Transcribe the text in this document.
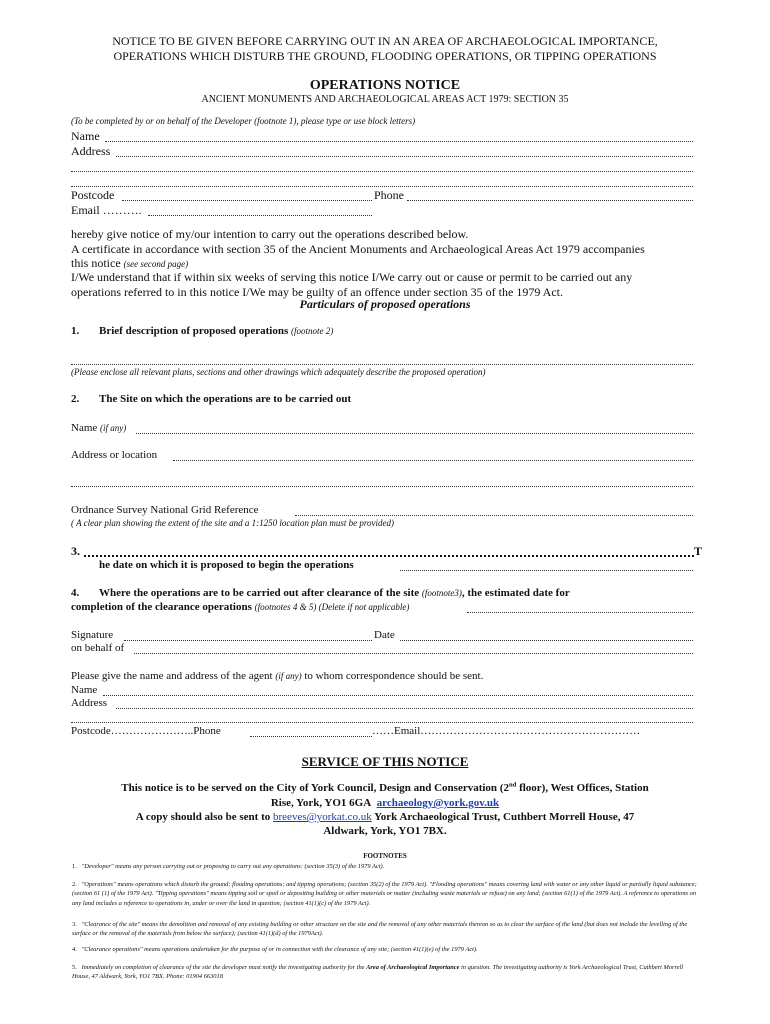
NOTICE TO BE GIVEN BEFORE CARRYING OUT IN AN AREA OF ARCHAEOLOGICAL IMPORTANCE,
OPERATIONS WHICH DISTURB THE GROUND, FLOODING OPERATIONS, OR TIPPING OPERATIONS
OPERATIONS NOTICE
ANCIENT MONUMENTS AND ARCHAEOLOGICAL AREAS ACT 1979: SECTION 35
(To be completed by or on behalf of the Developer (footnote 1), please type or use block letters)
Name
Address
Postcode	Phone
Email ……….
hereby give notice of my/our intention to carry out the operations described below.
A certificate in accordance with section 35 of the Ancient Monuments and Archaeological Areas Act 1979 accompanies
this notice (see second page)
I/We understand that if within six weeks of serving this notice I/We carry out or cause or permit to be carried out any
operations referred to in this notice I/We may be guilty of an offence under section 35 of the 1979 Act.
Particulars of proposed operations
1. Brief description of proposed operations (footnote 2)
(Please enclose all relevant plans, sections and other drawings which adequately describe the proposed operation)
2. The Site on which the operations are to be carried out
Name (if any)
Address or location
Ordnance Survey National Grid Reference
( A clear plan showing the extent of the site and a 1:1250 location plan must be provided)
3.	T
he date on which it is proposed to begin the operations
4. Where the operations are to be carried out after clearance of the site (footnote3), the estimated date for
completion of the clearance operations (footnotes 4 & 5) (Delete if not applicable)
Signature	Date
on behalf of
Please give the name and address of the agent (if any) to whom correspondence should be sent.
Name
Address
Postcode…………………..Phone	……Email……………………………………………………
SERVICE OF THIS NOTICE
This notice is to be served on the City of York Council, Design and Conservation (2nd floor), West Offices, Station
Rise, York, YO1 6GA archaeology@york.gov.uk
A copy should also be sent to breeves@yorkat.co.uk York Archaeological Trust, Cuthbert Morrell House, 47
Aldwark, York, YO1 7BX.
FOOTNOTES
1.   "Developer" means any person carrying out or proposing to carry out any operations: (section 35(3) of the 1979 Act).
2.   "Operations" means operations which disturb the ground; flooding operations; and tipping operations; (section 35(2) of the 1979 Act). "Flooding operations" means covering land with water or any other liquid or partially liquid substance; (section 61 (1) of the 1979 Act). "Tipping operations" means tipping soil or spoil or depositing building or other materials or matter (including waste materials or refuse) on any land; (section 61(1) of the 1979 Act). A reference to operations on any land includes a reference to operations in, under or over the land in question; (section 41(1)(c) of the 1979 Act).
3.   "Clearance of the site" means the demolition and removal of any existing building or other structure on the site and the removal of any other materials thereon so as to clear the surface of the land (but does not include the levelling of the surface or the removal of the materials from below the surface); (section 41(1)(d) of the 1979Act).
4.   "Clearance operations" means operations undertaken for the purpose of or in connection with the clearance of any site; (section 41(1)(e) of the 1979 Act).
5.   Immediately on completion of clearance of the site the developer must notify the investigating authority for the Area of Archaeological Importance in question. The investigating authority is York Archaeological Trust, Cuthbert Morrell House, 47 Aldwark, York, YO1 7BX. Phone: 01904 663018
